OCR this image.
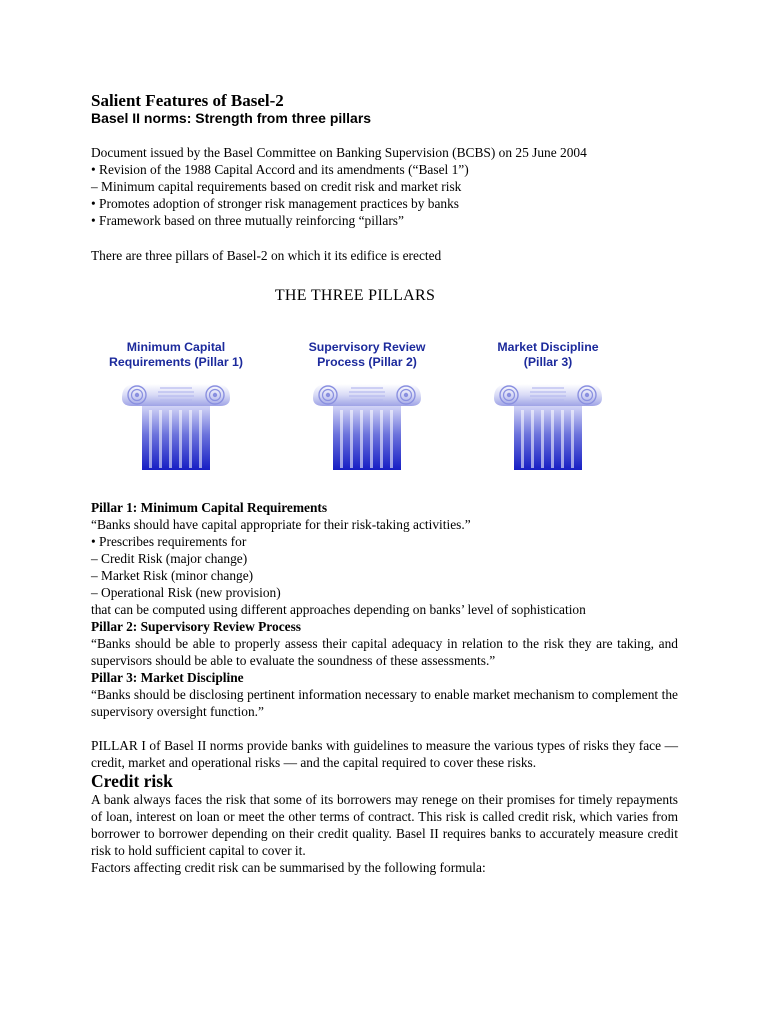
Salient Features of Basel-2
Basel II norms: Strength from three pillars
Document issued by the Basel Committee on Banking Supervision (BCBS) on 25 June 2004
• Revision of the 1988 Capital Accord and its amendments (“Basel 1”)
– Minimum capital requirements based on credit risk and market risk
• Promotes adoption of stronger risk management practices by banks
• Framework based on three mutually reinforcing “pillars”
There are three pillars of Basel-2 on which it its edifice is erected
THE THREE PILLARS
Minimum Capital
Requirements (Pillar 1)
Supervisory Review
Process (Pillar 2)
Market Discipline
(Pillar 3)
Pillar 1: Minimum Capital Requirements
“Banks should have capital appropriate for their risk-taking activities.”
• Prescribes requirements for
– Credit Risk (major change)
– Market Risk (minor change)
– Operational Risk (new provision)
that can be computed using different approaches depending on banks’ level of sophistication
Pillar 2: Supervisory Review Process
“Banks should be able to properly assess their capital adequacy in relation to the risk they are taking, and supervisors should be able to evaluate the soundness of these assessments.”
Pillar 3: Market Discipline
“Banks should be disclosing pertinent information necessary to enable market mechanism to complement the supervisory oversight function.”
PILLAR I of Basel II norms provide banks with guidelines to measure the various types of risks they face — credit, market and operational risks — and the capital required to cover these risks.
Credit risk
A bank always faces the risk that some of its borrowers may renege on their promises for timely repayments of loan, interest on loan or meet the other terms of contract. This risk is called credit risk, which varies from borrower to borrower depending on their credit quality. Basel II requires banks to accurately measure credit risk to hold sufficient capital to cover it.
Factors affecting credit risk can be summarised by the following formula:
